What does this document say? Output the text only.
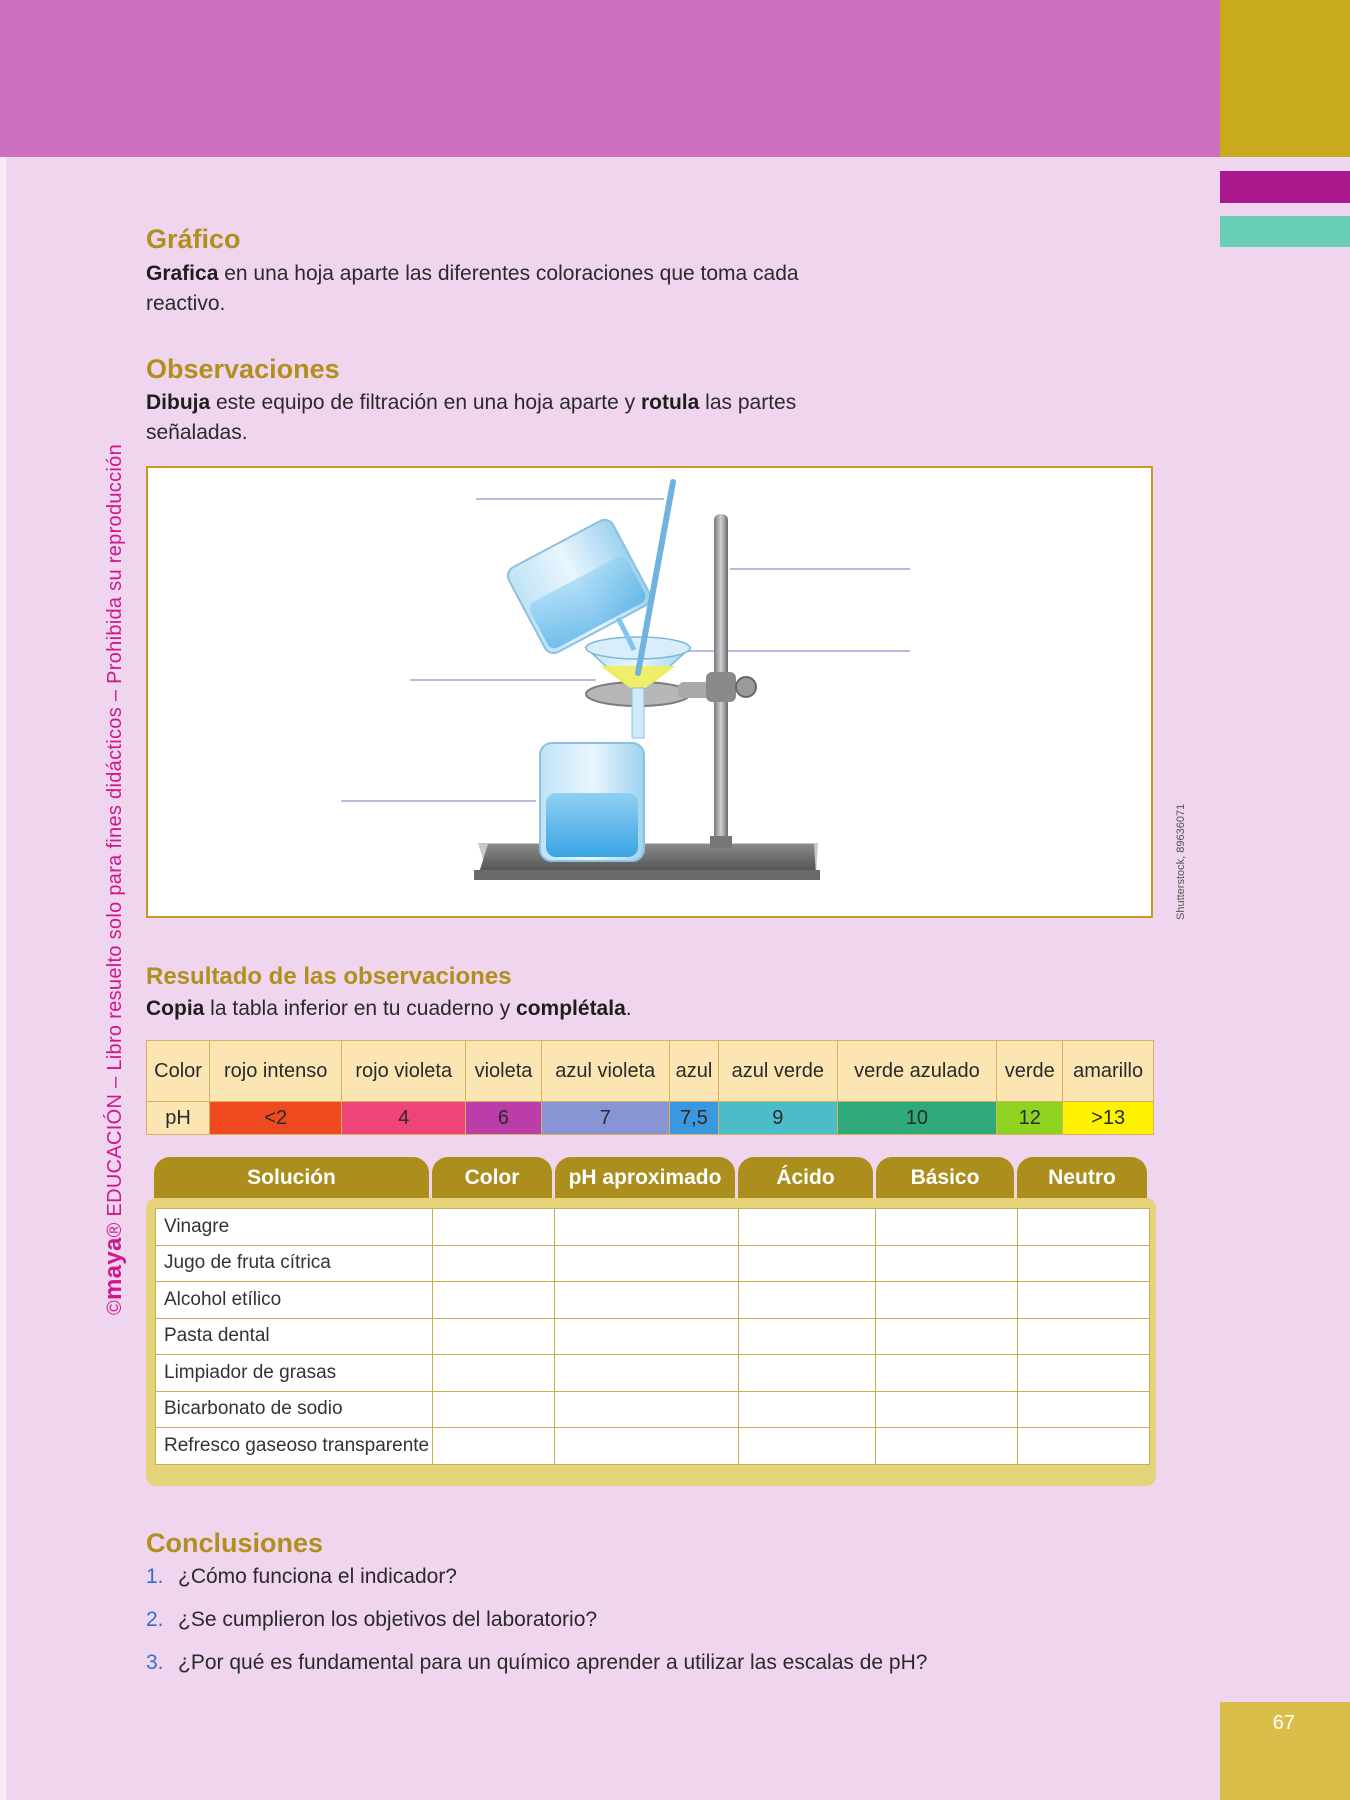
©maya® EDUCACIÓN – Libro resuelto solo para fines didácticos – Prohibida su reproducción
Gráfico

Grafica en una hoja aparte las diferentes coloraciones que toma cada reactivo.

Observaciones

Dibuja este equipo de filtración en una hoja aparte y rotula las partes señaladas.

Shutterstock, 89636071
Resultado de las observaciones

Copia la tabla inferior en tu cuaderno y complétala.

Color	rojo intenso	rojo violeta	violeta	azul violeta	azul	azul verde	verde azulado	verde	amarillo
pH	<2	4	6	7	7,5	9	10	12	>13
Solución	Color	pH aproximado	Ácido	Básico	Neutro
Vinagre					
Jugo de fruta cítrica					
Alcohol etílico					
Pasta dental					
Limpiador de grasas					
Bicarbonato de sodio					
Refresco gaseoso transparente					
Conclusiones

1. ¿Cómo funciona el indicador?

2. ¿Se cumplieron los objetivos del laboratorio?

3. ¿Por qué es fundamental para un químico aprender a utilizar las escalas de pH?

67
